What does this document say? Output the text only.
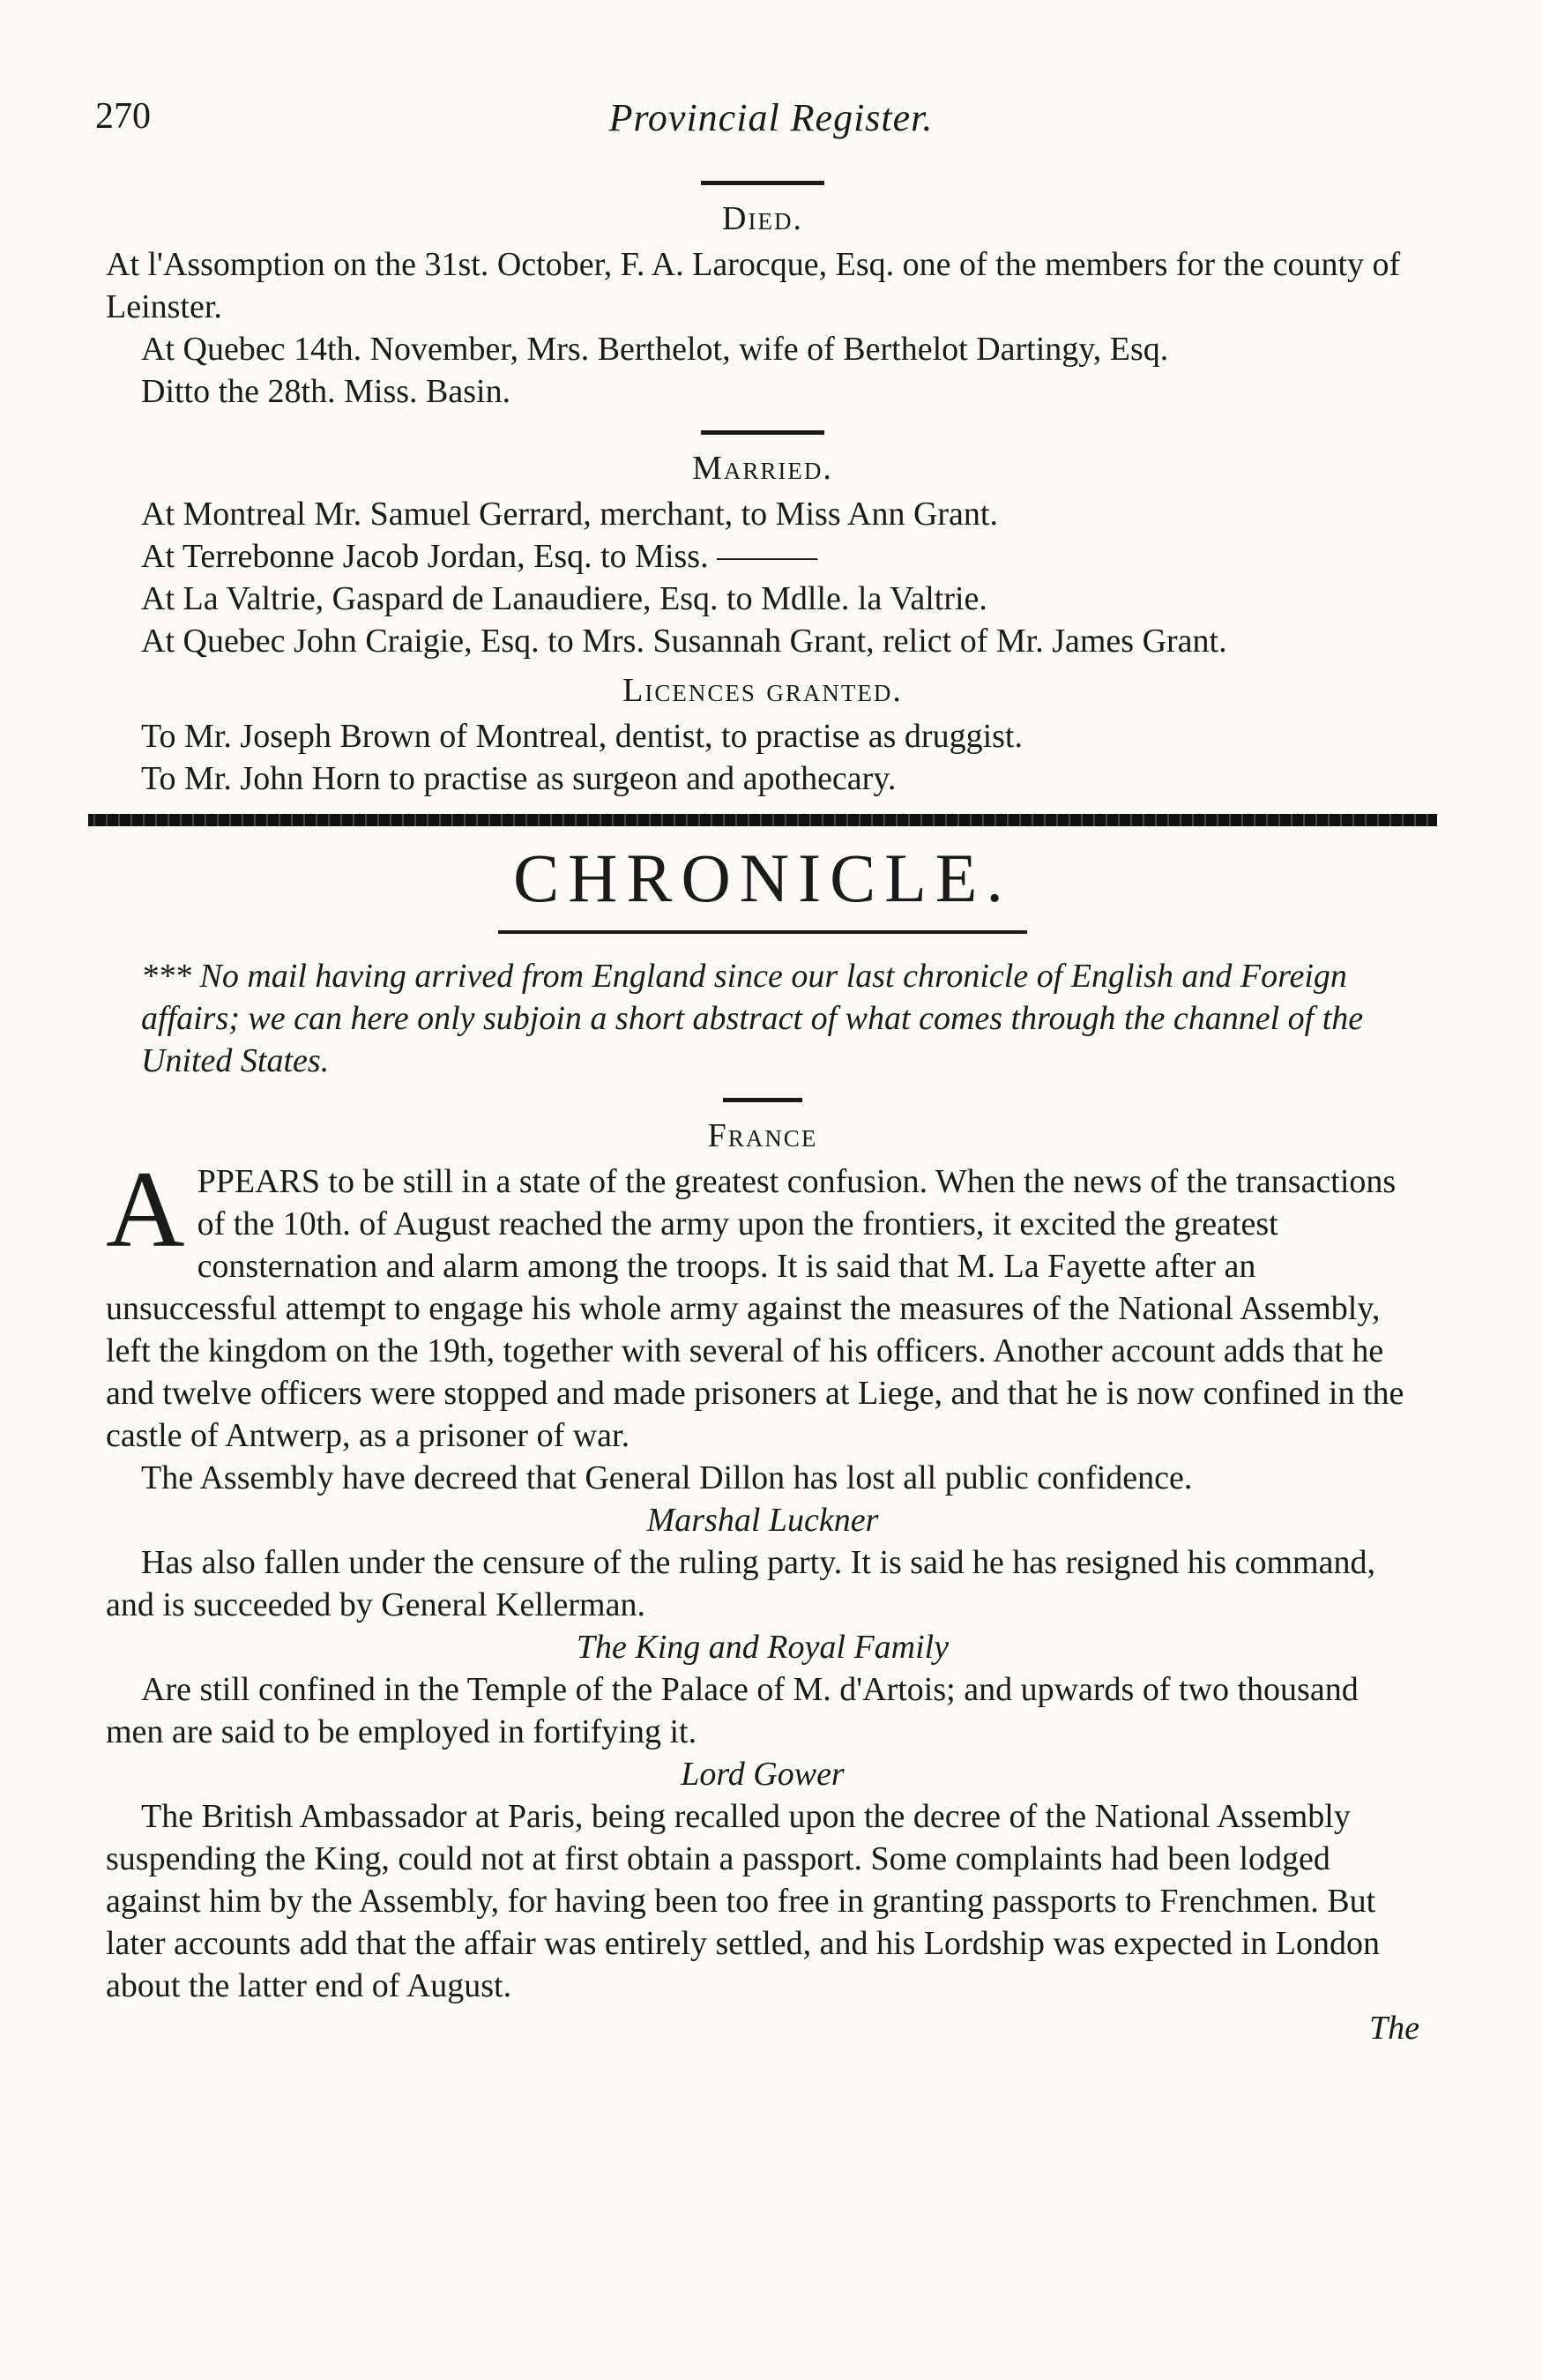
270	Provincial Register.
Died.

At l'Assomption on the 31st. October, F. A. Larocque, Esq. one of the members for the county of Leinster.

At Quebec 14th. November, Mrs. Berthelot, wife of Berthelot Dartingy, Esq.

Ditto the 28th. Miss. Basin.

Married.

At Montreal Mr. Samuel Gerrard, merchant, to Miss Ann Grant.

At Terrebonne Jacob Jordan, Esq. to Miss. ———

At La Valtrie, Gaspard de Lanaudiere, Esq. to Mdlle. la Valtrie.

At Quebec John Craigie, Esq. to Mrs. Susannah Grant, relict of Mr. James Grant.

Licences granted.

To Mr. Joseph Brown of Montreal, dentist, to practise as druggist.

To Mr. John Horn to practise as surgeon and apothecary.

CHRONICLE.

*** No mail having arrived from England since our last chronicle of English and Foreign affairs; we can here only subjoin a short abstract of what comes through the channel of the United States.

France

A PPEARS to be still in a state of the greatest confusion. When the news of the transactions of the 10th. of August reached the army upon the frontiers, it excited the greatest consternation and alarm among the troops. It is said that M. La Fayette after an unsuccessful attempt to engage his whole army against the measures of the National Assembly, left the kingdom on the 19th, together with several of his officers. Another account adds that he and twelve officers were stopped and made prisoners at Liege, and that he is now confined in the castle of Antwerp, as a prisoner of war.

The Assembly have decreed that General Dillon has lost all public confidence.

Marshal Luckner

Has also fallen under the censure of the ruling party. It is said he has resigned his command, and is succeeded by General Kellerman.

The King and Royal Family

Are still confined in the Temple of the Palace of M. d'Artois; and upwards of two thousand men are said to be employed in fortifying it.

Lord Gower

The British Ambassador at Paris, being recalled upon the decree of the National Assembly suspending the King, could not at first obtain a passport. Some complaints had been lodged against him by the Assembly, for having been too free in granting passports to Frenchmen. But later accounts add that the affair was entirely settled, and his Lordship was expected in London about the latter end of August.

The
